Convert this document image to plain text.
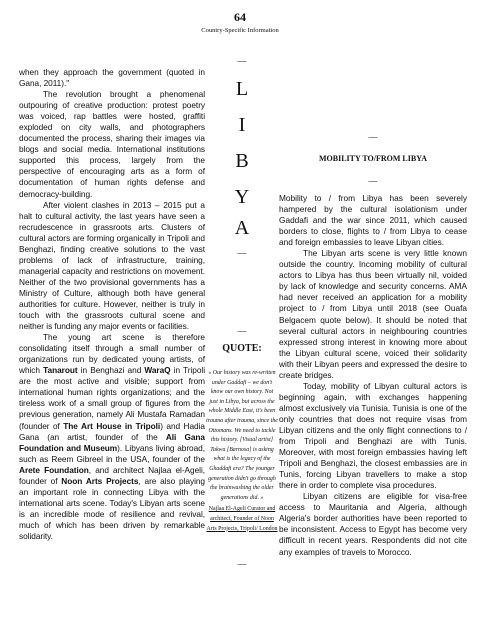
64
Country-Specific Information

when they approach the government (quoted in Gana, 2011)."

The revolution brought a phenomenal outpouring of creative production: protest poetry was voiced, rap battles were hosted, graffiti exploded on city walls, and photographers documented the process, sharing their images via blogs and social media. International institutions supported this process, largely from the perspective of encouraging arts as a form of documentation of human rights defense and democracy-building.

After violent clashes in 2013 – 2015 put a halt to cultural activity, the last years have seen a recrudescence in grassroots arts. Clusters of cultural actors are forming organically in Tripoli and Benghazi, finding creative solutions to the vast problems of lack of infrastructure, training, managerial capacity and restrictions on movement. Neither of the two provisional governments has a Ministry of Culture, although both have general authorities for culture. However, neither is truly in touch with the grassroots cultural scene and neither is funding any major events or facilities.

The young art scene is therefore consolidating itself through a small number of organizations run by dedicated young artists, of which Tanarout in Benghazi and WaraQ in Tripoli are the most active and visible; support from international human rights organizations; and the tireless work of a small group of figures from the previous generation, namely Ali Mustafa Ramadan (founder of The Art House in Tripoli) and Hadia Gana (an artist, founder of the Ali Gana Foundation and Museum). Libyans living abroad, such as Reem Gibreel in the USA, founder of the Arete Foundation, and architect Najlaa el-Ageli, founder of Noon Arts Projects, are also playing an important role in connecting Libya with the international arts scene. Today's Libyan arts scene is an incredible mode of resilience and revival, much of which has been driven by remarkable solidarity.

—
L
I
B
Y
A
—
—
QUOTE:
« Our history was re-written under Gaddafi – we don't know our own history. Not just in Libya, but across the whole Middle East, it's been trauma after trauma, since the Ottomans. We need to tackle this history. [Visual artist] Takwa [Barnosa] is asking what is the legacy of the Ghaddafi era? The younger generation didn't go through the brainwashing the older generations did. »
Najlaa El-Ageli Curator and architect, Founder of Noon Arts Projects, Tripoli/ London
—
—
MOBILITY TO/FROM LIBYA
—

Mobility to / from Libya has been severely hampered by the cultural isolationism under Gaddafi and the war since 2011, which caused borders to close, flights to / from Libya to cease and foreign embassies to leave Libyan cities.

The Libyan arts scene is very little known outside the country. Incoming mobility of cultural actors to Libya has thus been virtually nil, voided by lack of knowledge and security concerns. AMA had never received an application for a mobility project to / from Libya until 2018 (see Ouafa Belgacem quote below). It should be noted that several cultural actors in neighbouring countries expressed strong interest in knowing more about the Libyan cultural scene, voiced their solidarity with their Libyan peers and expressed the desire to create bridges.

Today, mobility of Libyan cultural actors is beginning again, with exchanges happening almost exclusively via Tunisia. Tunisia is one of the only countries that does not require visas from Libyan citizens and the only flight connections to / from Tripoli and Benghazi are with Tunis. Moreover, with most foreign embassies having left Tripoli and Benghazi, the closest embassies are in Tunis, forcing Libyan travellers to make a stop there in order to complete visa procedures.

Libyan citizens are eligible for visa-free access to Mauritania and Algeria, although Algeria's border authorities have been reported to be inconsistent. Access to Egypt has become very difficult in recent years. Respondents did not cite any examples of travels to Morocco.
